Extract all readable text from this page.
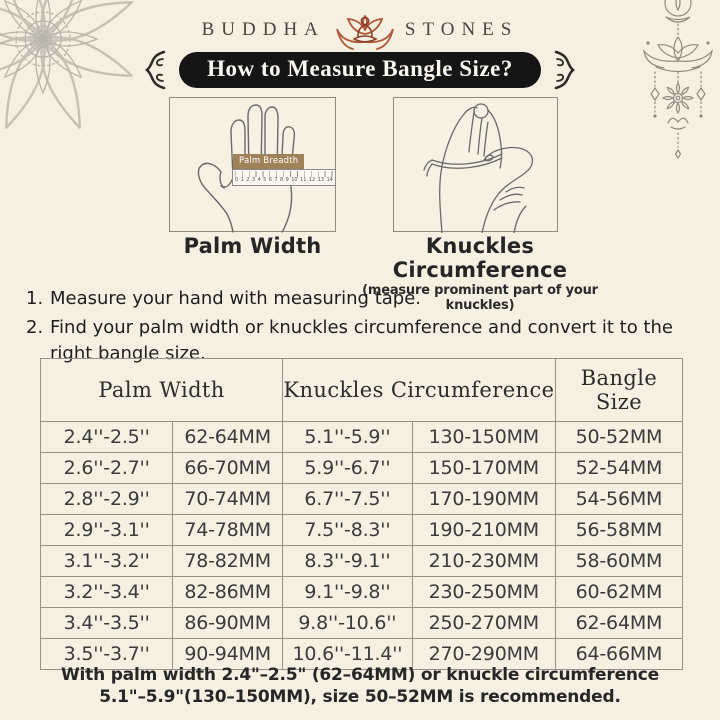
BUDDHA	STONES
How to Measure Bangle Size?
0 1 2 3 4 5 6 7 8 9 10 11 12 13 14
Palm Breadth
Palm Width	Knuckles Circumference
(measure prominent part of your knuckles)
1. Measure your hand with measuring tape.
2. Find your palm width or knuckles circumference and convert it to the right bangle size.
Palm Width		Knuckles Circumference		Bangle Size
2.4''-2.5''	62-64MM	5.1''-5.9''	130-150MM	50-52MM
2.6''-2.7''	66-70MM	5.9''-6.7''	150-170MM	52-54MM
2.8''-2.9''	70-74MM	6.7''-7.5''	170-190MM	54-56MM
2.9''-3.1''	74-78MM	7.5''-8.3''	190-210MM	56-58MM
3.1''-3.2''	78-82MM	8.3''-9.1''	210-230MM	58-60MM
3.2''-3.4''	82-86MM	9.1''-9.8''	230-250MM	60-62MM
3.4''-3.5''	86-90MM	9.8''-10.6''	250-270MM	62-64MM
3.5''-3.7''	90-94MM	10.6''-11.4''	270-290MM	64-66MM
With palm width 2.4"–2.5" (62–64MM) or knuckle circumference
5.1"–5.9"(130–150MM), size 50–52MM is recommended.
